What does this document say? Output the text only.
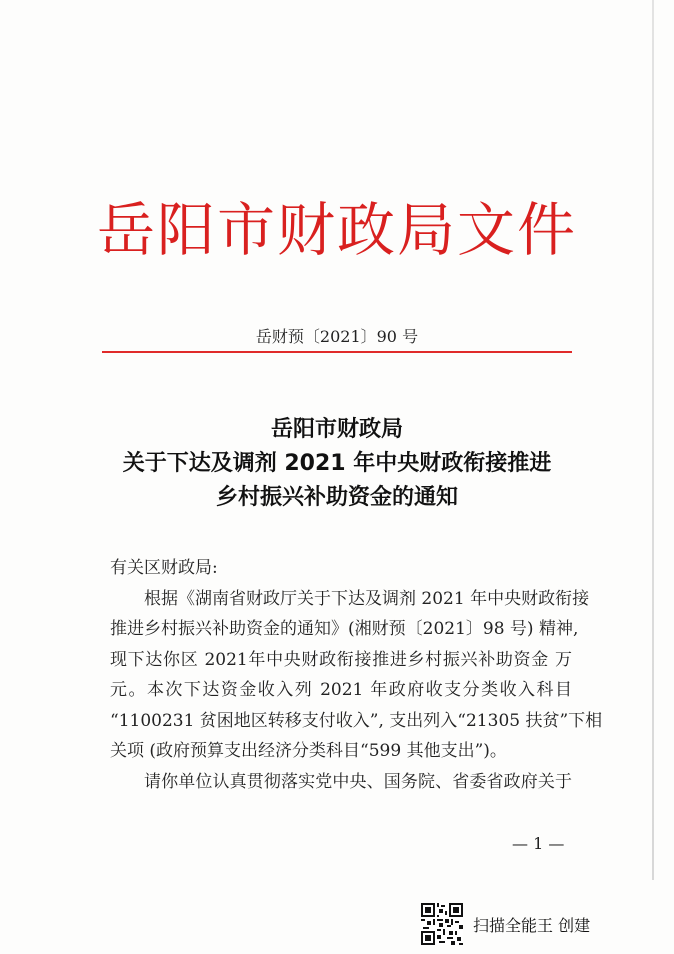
岳阳市财政局文件
岳财预〔2021〕90 号
岳阳市财政局
关于下达及调剂 2021 年中央财政衔接推进
乡村振兴补助资金的通知
有关区财政局:
根据《湖南省财政厅关于下达及调剂 2021 年中央财政衔接
推进乡村振兴补助资金的通知》(湘财预〔2021〕98 号) 精神,
现下达你区 2021年中央财政衔接推进乡村振兴补助资金 万
元。本次下达资金收入列 2021 年政府收支分类收入科目
“1100231 贫困地区转移支付收入”, 支出列入“21305 扶贫”下相
关项 (政府预算支出经济分类科目“599 其他支出”)。
请你单位认真贯彻落实党中央、国务院、省委省政府关于
— 1 —
扫描全能王 创建
